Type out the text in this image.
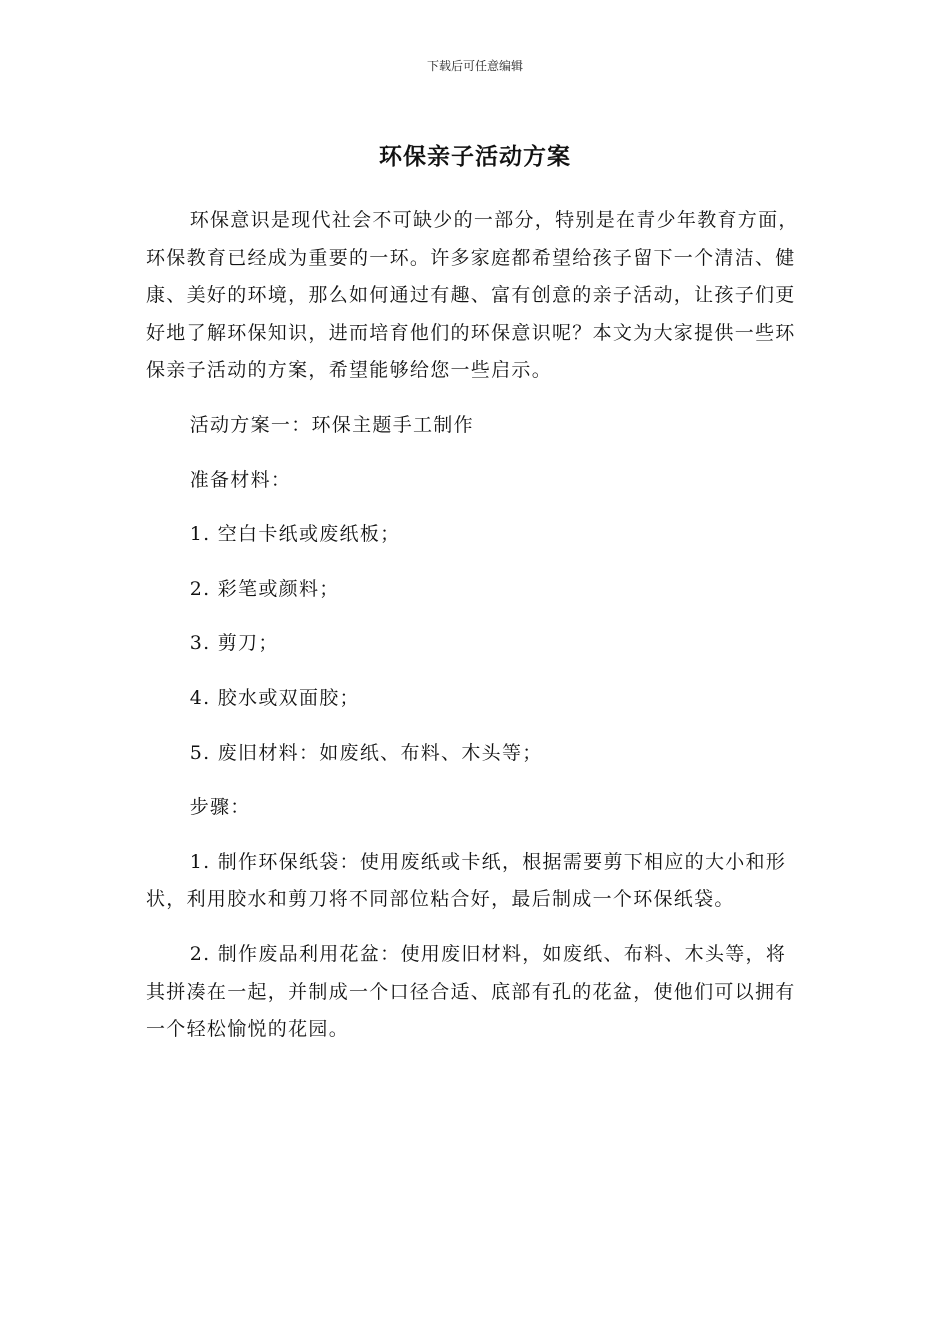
下载后可任意编辑
环保亲子活动方案

环保意识是现代社会不可缺少的一部分，特别是在青少年教育方面，环保教育已经成为重要的一环。许多家庭都希望给孩子留下一个清洁、健康、美好的环境，那么如何通过有趣、富有创意的亲子活动，让孩子们更好地了解环保知识，进而培育他们的环保意识呢？本文为大家提供一些环保亲子活动的方案，希望能够给您一些启示。

活动方案一：环保主题手工制作

准备材料：

1. 空白卡纸或废纸板；

2. 彩笔或颜料；

3. 剪刀；

4. 胶水或双面胶；

5. 废旧材料：如废纸、布料、木头等；

步骤：

1. 制作环保纸袋：使用废纸或卡纸，根据需要剪下相应的大小和形状，利用胶水和剪刀将不同部位粘合好，最后制成一个环保纸袋。

2. 制作废品利用花盆：使用废旧材料，如废纸、布料、木头等，将其拼凑在一起，并制成一个口径合适、底部有孔的花盆，使他们可以拥有一个轻松愉悦的花园。
